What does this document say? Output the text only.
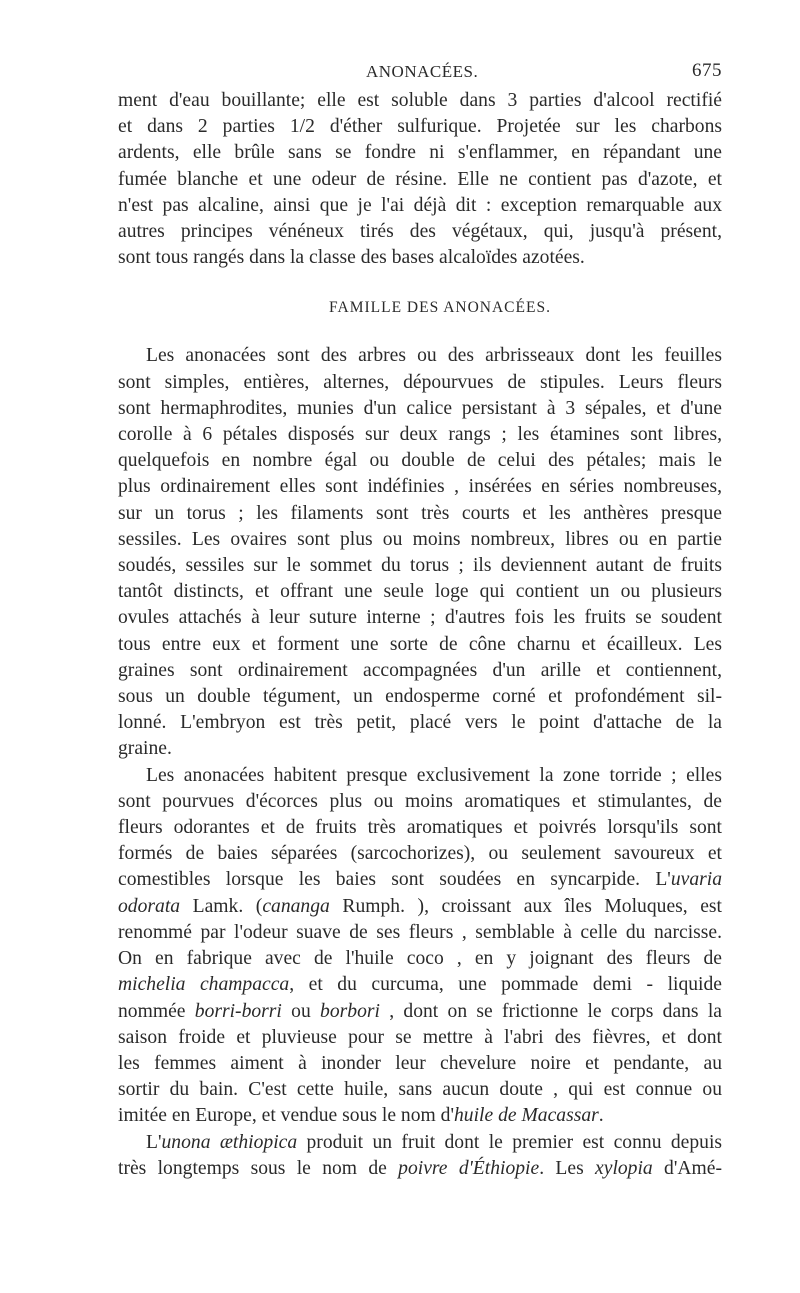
ANONACÉES.	675
ment d'eau bouillante; elle est soluble dans 3 parties d'alcool rectifié
et dans 2 parties 1/2 d'éther sulfurique. Projetée sur les charbons
ardents, elle brûle sans se fondre ni s'enflammer, en répandant une
fumée blanche et une odeur de résine. Elle ne contient pas d'azote, et
n'est pas alcaline, ainsi que je l'ai déjà dit : exception remarquable aux
autres principes vénéneux tirés des végétaux, qui, jusqu'à présent,
sont tous rangés dans la classe des bases alcaloïdes azotées.
FAMILLE DES ANONACÉES.
Les anonacées sont des arbres ou des arbrisseaux dont les feuilles
sont simples, entières, alternes, dépourvues de stipules. Leurs fleurs
sont hermaphrodites, munies d'un calice persistant à 3 sépales, et d'une
corolle à 6 pétales disposés sur deux rangs ; les étamines sont libres,
quelquefois en nombre égal ou double de celui des pétales; mais le
plus ordinairement elles sont indéfinies , insérées en séries nombreuses,
sur un torus ; les filaments sont très courts et les anthères presque
sessiles. Les ovaires sont plus ou moins nombreux, libres ou en partie
soudés, sessiles sur le sommet du torus ; ils deviennent autant de fruits
tantôt distincts, et offrant une seule loge qui contient un ou plusieurs
ovules attachés à leur suture interne ; d'autres fois les fruits se soudent
tous entre eux et forment une sorte de cône charnu et écailleux. Les
graines sont ordinairement accompagnées d'un arille et contiennent,
sous un double tégument, un endosperme corné et profondément sil-
lonné. L'embryon est très petit, placé vers le point d'attache de la
graine.
Les anonacées habitent presque exclusivement la zone torride ; elles
sont pourvues d'écorces plus ou moins aromatiques et stimulantes, de
fleurs odorantes et de fruits très aromatiques et poivrés lorsqu'ils sont
formés de baies séparées (sarcochorizes), ou seulement savoureux et
comestibles lorsque les baies sont soudées en syncarpide. L'uvaria
odorata Lamk. (cananga Rumph. ), croissant aux îles Moluques, est
renommé par l'odeur suave de ses fleurs , semblable à celle du narcisse.
On en fabrique avec de l'huile coco , en y joignant des fleurs de
michelia champacca, et du curcuma, une pommade demi - liquide
nommée borri-borri ou borbori , dont on se frictionne le corps dans la
saison froide et pluvieuse pour se mettre à l'abri des fièvres, et dont
les femmes aiment à inonder leur chevelure noire et pendante, au
sortir du bain. C'est cette huile, sans aucun doute , qui est connue ou
imitée en Europe, et vendue sous le nom d'huile de Macassar.
L'unona æthiopica produit un fruit dont le premier est connu depuis
très longtemps sous le nom de poivre d'Éthiopie. Les xylopia d'Amé-
